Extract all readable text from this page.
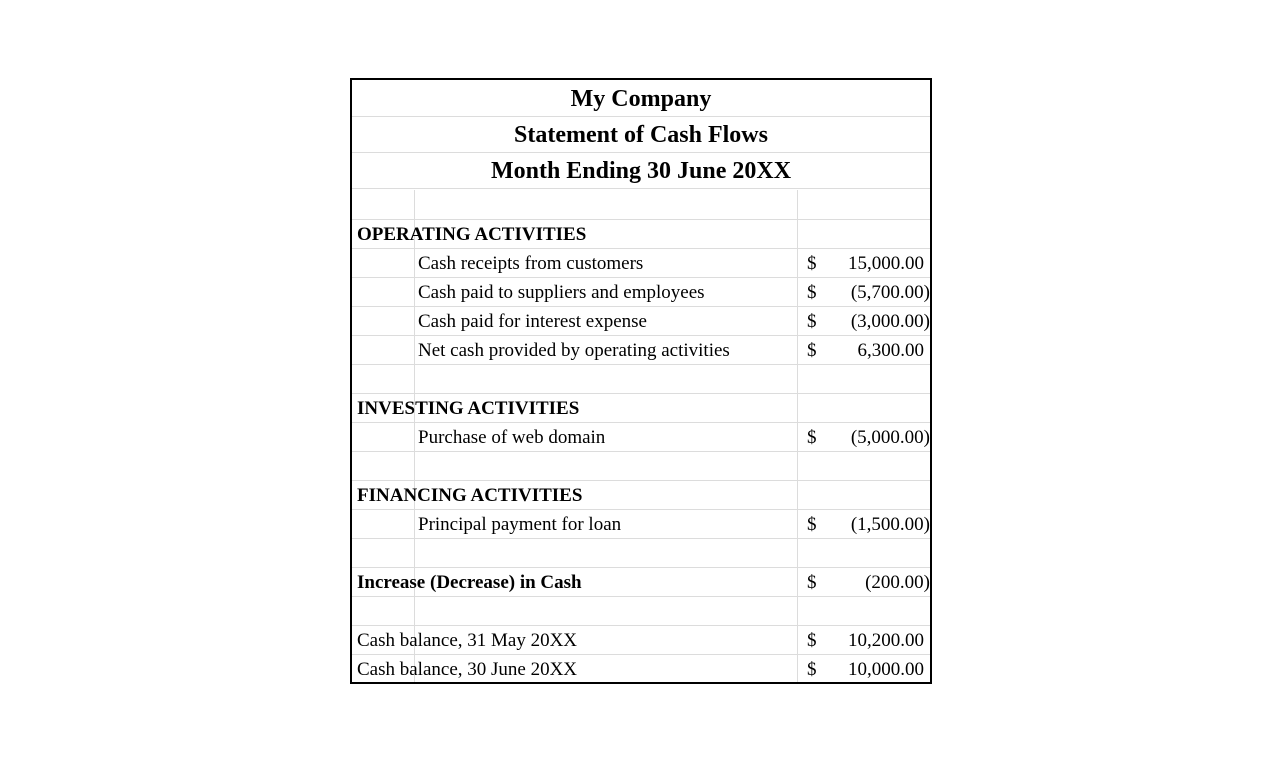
My Company
Statement of Cash Flows
Month Ending 30 June 20XX
OPERATING ACTIVITIES
Cash receipts from customers	$ 15,000.00
Cash paid to suppliers and employees	$ (5,700.00)
Cash paid for interest expense	$ (3,000.00)
Net cash provided by operating activities	$ 6,300.00
INVESTING ACTIVITIES
Purchase of web domain	$ (5,000.00)
FINANCING ACTIVITIES
Principal payment for loan	$ (1,500.00)
Increase (Decrease) in Cash	$	(200.00)
Cash balance, 31 May 20XX	$ 10,200.00
Cash balance, 30 June 20XX	$ 10,000.00
